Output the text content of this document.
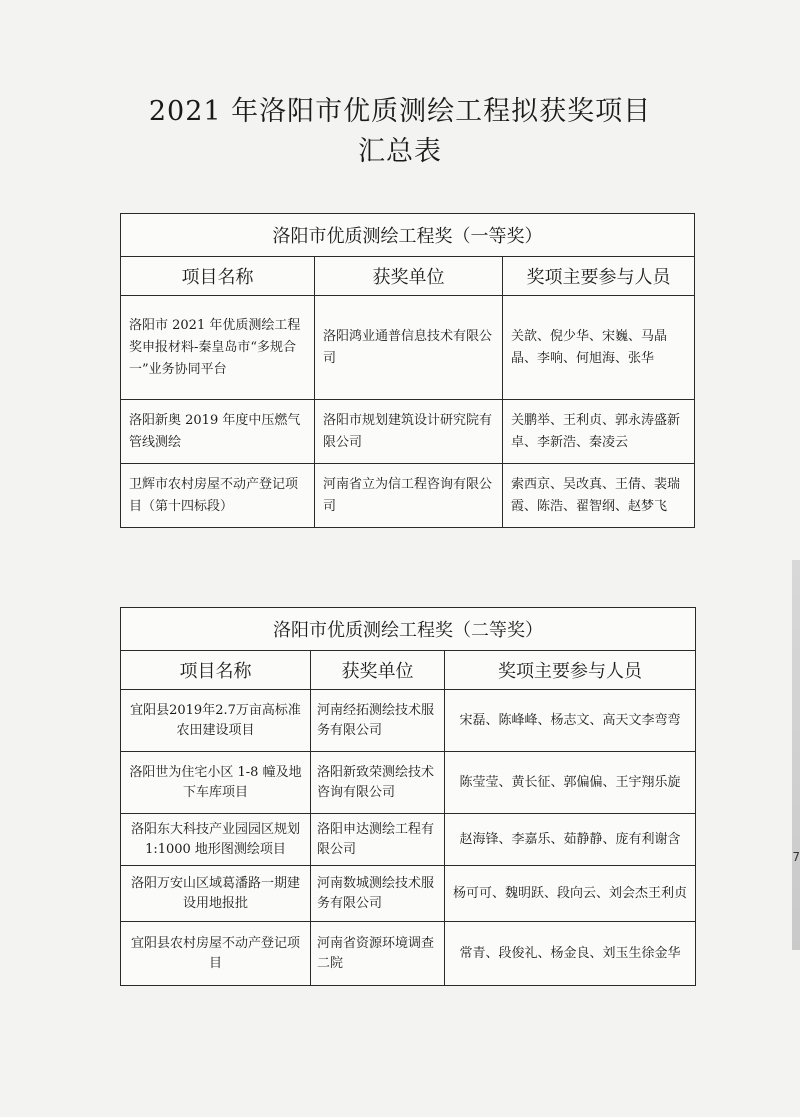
2021 年洛阳市优质测绘工程拟获奖项目
汇总表
洛阳市优质测绘工程奖（一等奖）		
项目名称	获奖单位	奖项主要参与人员
洛阳市 2021 年优质测绘工程奖申报材料-秦皇岛市“多规合一”业务协同平台	洛阳鸿业通普信息技术有限公司	关歆、倪少华、宋巍、马晶晶、李响、何旭海、张华
洛阳新奥 2019 年度中压燃气管线测绘	洛阳市规划建筑设计研究院有限公司	关鹏举、王利贞、郭永涛盛新卓、李新浩、秦凌云
卫辉市农村房屋不动产登记项目（第十四标段）	河南省立为信工程咨询有限公司	索西京、吴改真、王倩、裴瑞霞、陈浩、翟智纲、赵梦飞
洛阳市优质测绘工程奖（二等奖）		
项目名称	获奖单位	奖项主要参与人员
宜阳县2019年2.7万亩高标准农田建设项目	河南经拓测绘技术服务有限公司	宋磊、陈峰峰、杨志文、高天文李弯弯
洛阳世为住宅小区 1-8 幢及地下车库项目	洛阳新致荣测绘技术咨询有限公司	陈莹莹、黄长征、郭偏偏、王宇翔乐旋
洛阳东大科技产业园园区规划 1:1000 地形图测绘项目	洛阳申达测绘工程有限公司	赵海锋、李嘉乐、茹静静、庞有利谢含
洛阳万安山区域葛潘路一期建设用地报批	河南数城测绘技术服务有限公司	杨可可、魏明跃、段向云、刘会杰王利贞
宜阳县农村房屋不动产登记项目	河南省资源环境调查二院	常青、段俊礼、杨金良、刘玉生徐金华
7
